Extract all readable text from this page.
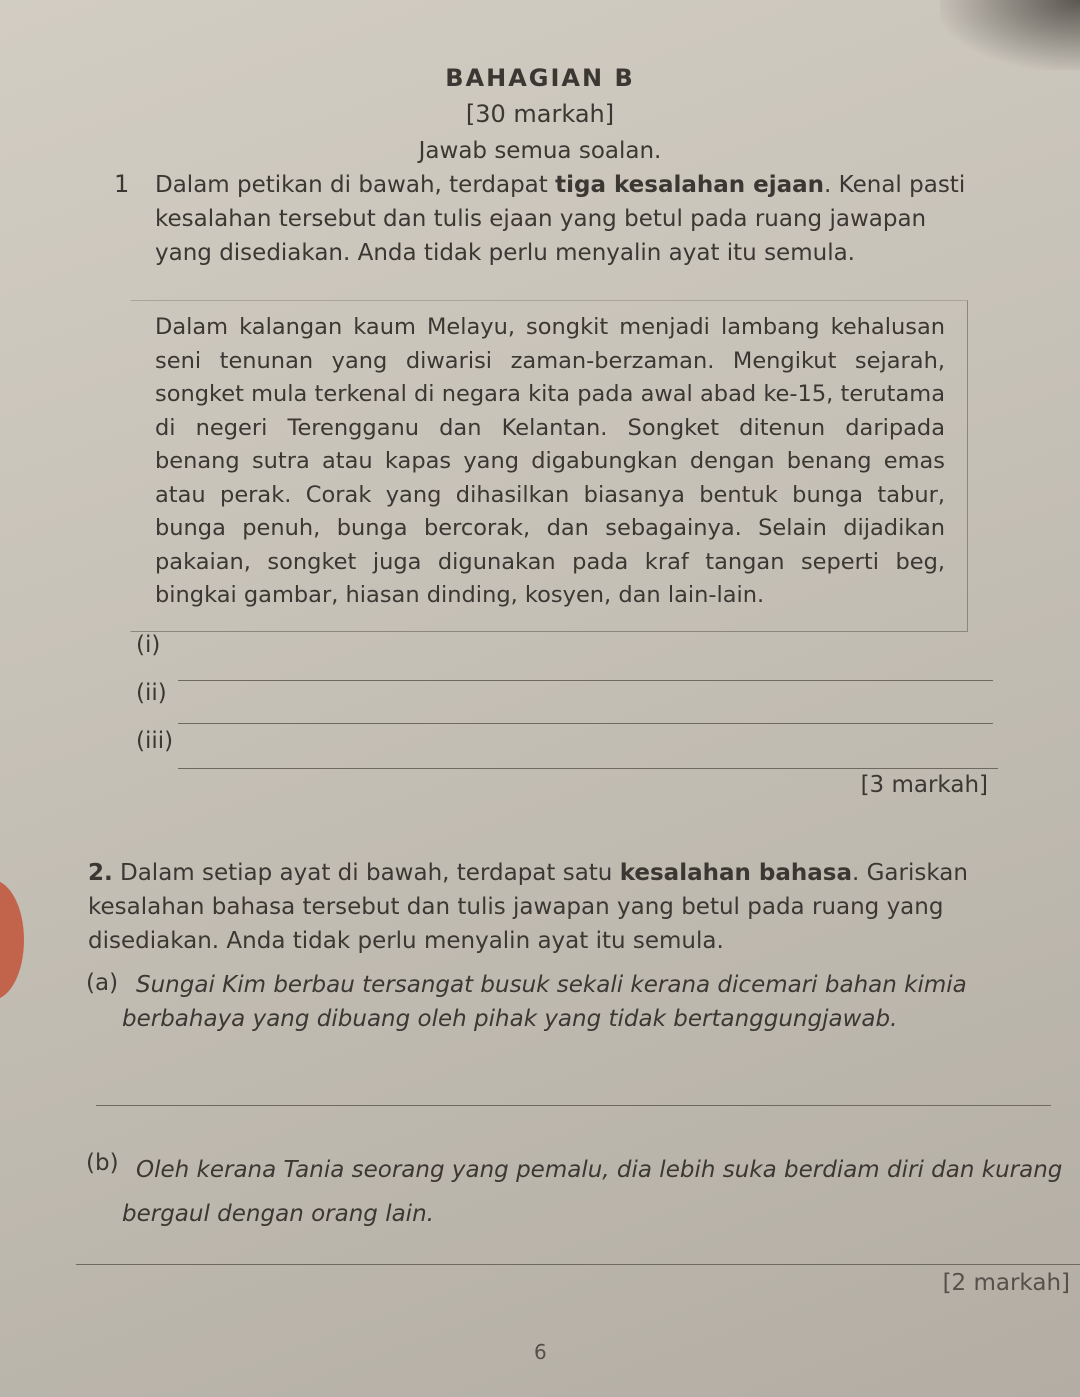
BAHAGIAN B
[30 markah]
Jawab semua soalan.
1 Dalam petikan di bawah, terdapat tiga kesalahan ejaan. Kenal pasti kesalahan tersebut dan tulis ejaan yang betul pada ruang jawapan yang disediakan. Anda tidak perlu menyalin ayat itu semula.
Dalam kalangan kaum Melayu, songkit menjadi lambang kehalusan seni tenunan yang diwarisi zaman-berzaman. Mengikut sejarah, songket mula terkenal di negara kita pada awal abad ke-15, terutama di negeri Terengganu dan Kelantan. Songket ditenun daripada benang sutra atau kapas yang digabungkan dengan benang emas atau perak. Corak yang dihasilkan biasanya bentuk bunga tabur, bunga penuh, bunga bercorak, dan sebagainya. Selain dijadikan pakaian, songket juga digunakan pada kraf tangan seperti beg, bingkai gambar, hiasan dinding, kosyen, dan lain-lain.
(i)
(ii)
(iii)
[3 markah]
2. Dalam setiap ayat di bawah, terdapat satu kesalahan bahasa. Gariskan kesalahan bahasa tersebut dan tulis jawapan yang betul pada ruang yang disediakan. Anda tidak perlu menyalin ayat itu semula.
(a) Sungai Kim berbau tersangat busuk sekali kerana dicemari bahan kimia berbahaya yang dibuang oleh pihak yang tidak bertanggungjawab.
(b) Oleh kerana Tania seorang yang pemalu, dia lebih suka berdiam diri dan kurang bergaul dengan orang lain.
[2 markah]
6
